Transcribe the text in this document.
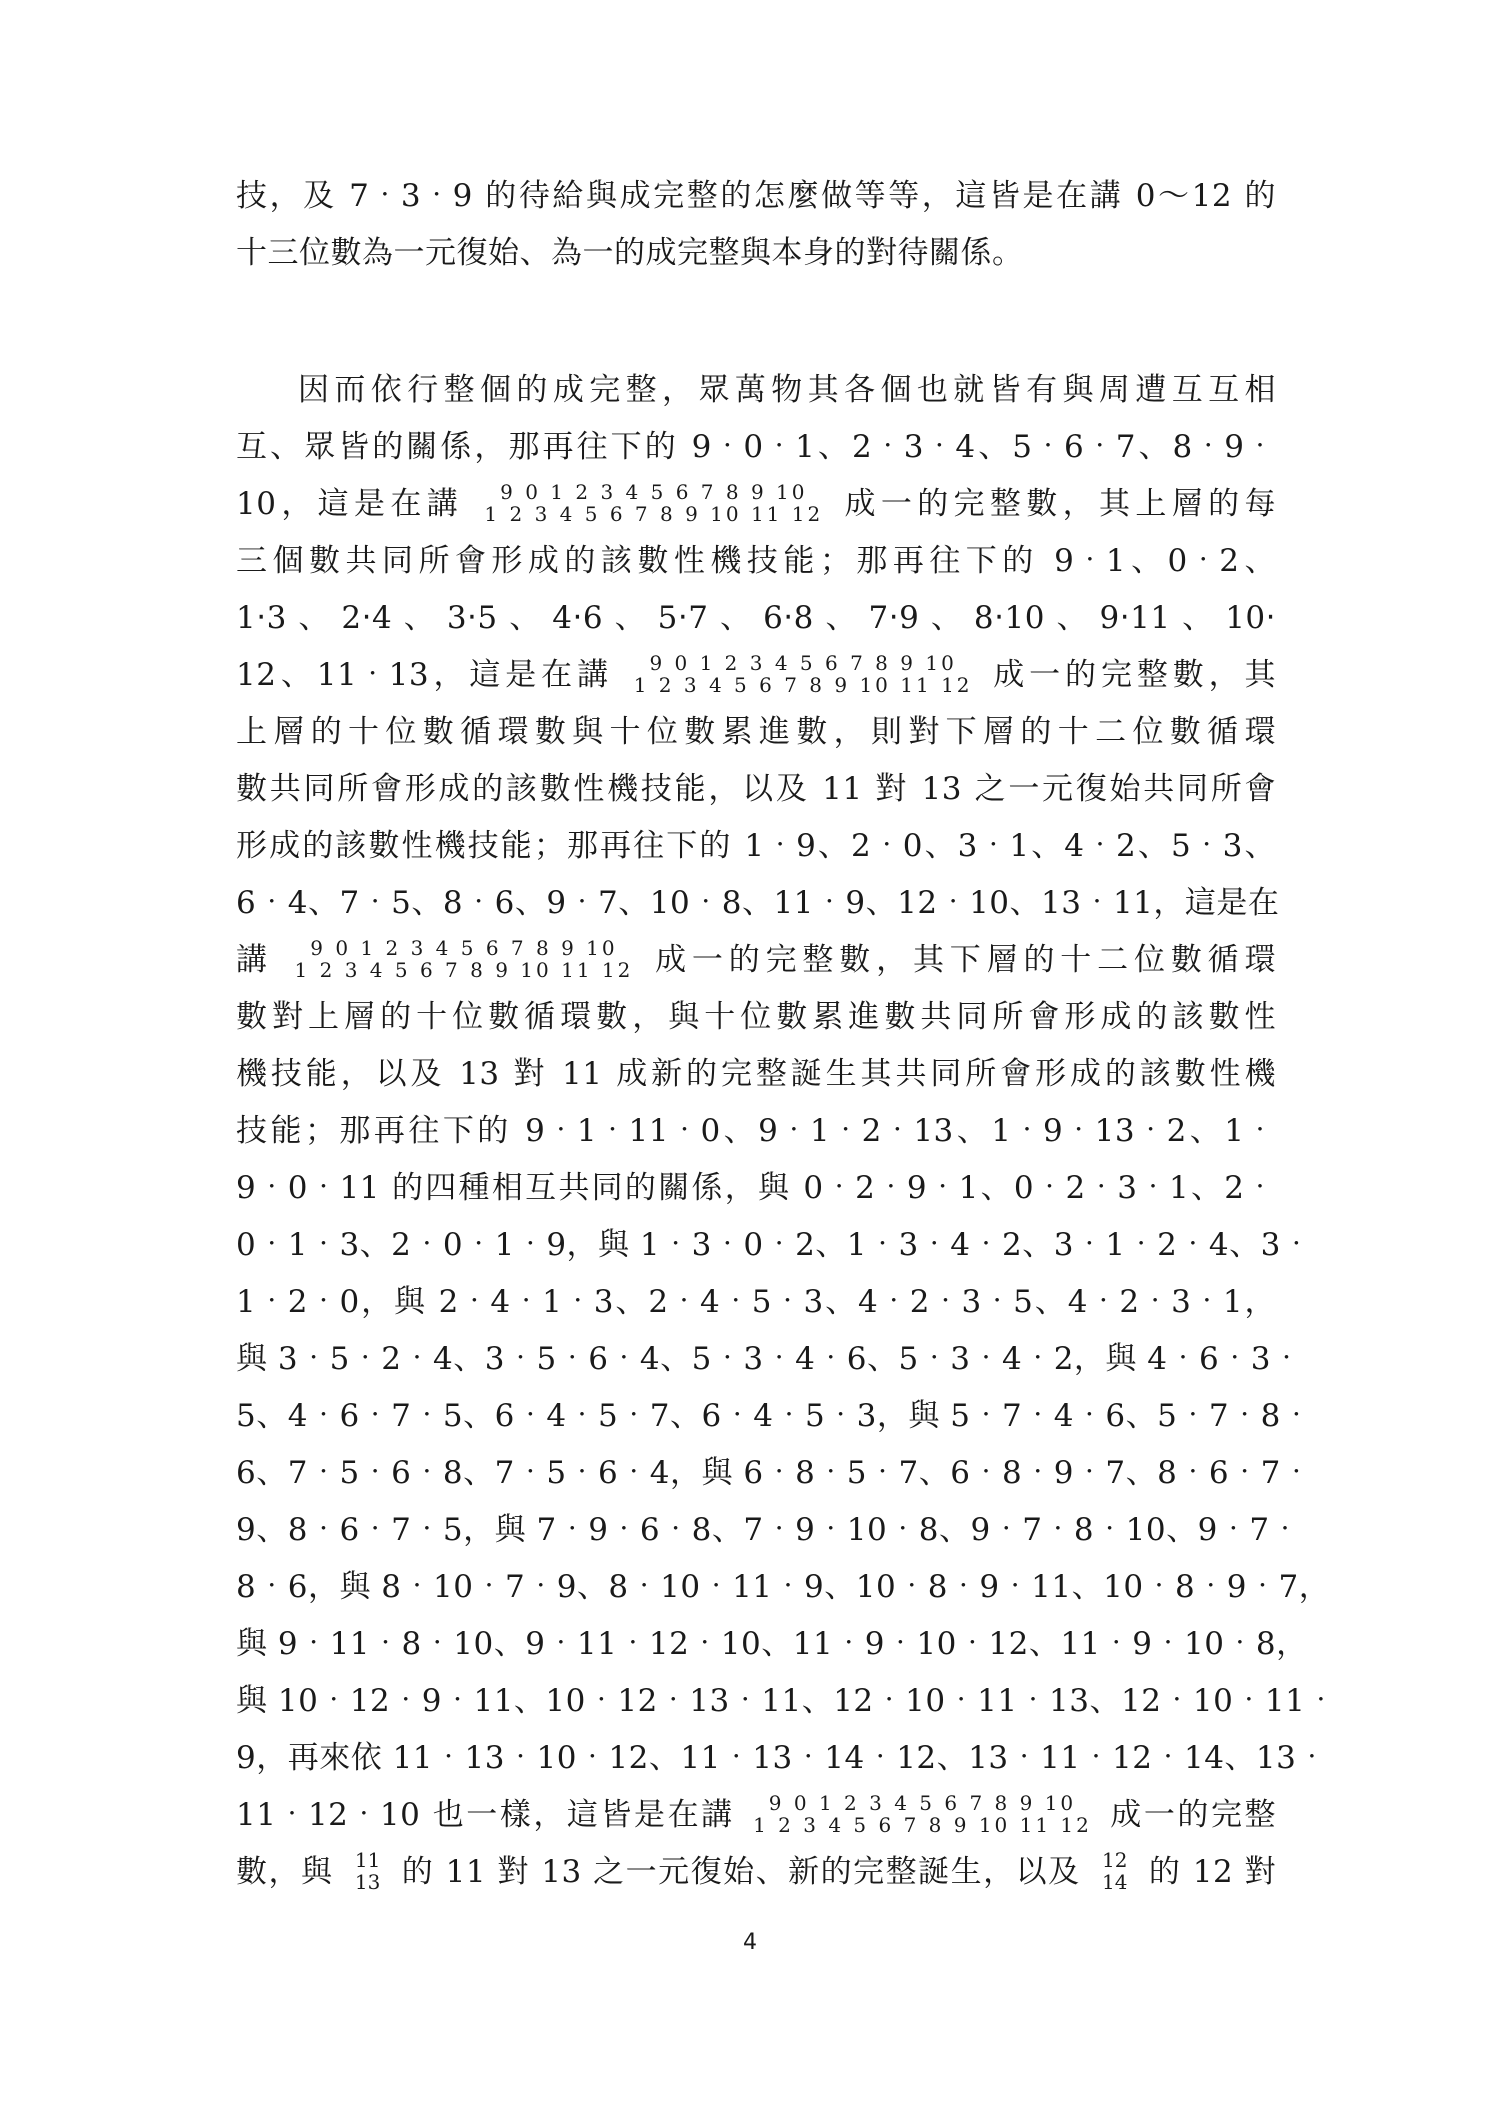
技，及 7‧3‧9 的待給與成完整的怎麼做等等，這皆是在講 0～12 的
十三位數為一元復始、為一的成完整與本身的對待關係。
因而依行整個的成完整，眾萬物其各個也就皆有與周遭互互相
互、眾皆的關係，那再往下的 9‧0‧1、2‧3‧4、5‧6‧7、8‧9‧
10，這是在講	9 0 1 2 3 4 5 6 7 8 9 10
1 2 3 4 5 6 7 8 9 10 11 12 成一的完整數，其上層的每
三個數共同所會形成的該數性機技能；那再往下的 9‧1、0‧2、
1‧3、2‧4、3‧5、4‧6、5‧7、6‧8、7‧9、8‧10、9‧11、10‧
12、11‧13，這是在講	9 0 1 2 3 4 5 6 7 8 9 10
1 2 3 4 5 6 7 8 9 10 11 12 成一的完整數，其
上層的十位數循環數與十位數累進數，則對下層的十二位數循環
數共同所會形成的該數性機技能，以及 11 對 13 之一元復始共同所會
形成的該數性機技能；那再往下的 1‧9、2‧0、3‧1、4‧2、5‧3、
6‧4、7‧5、8‧6、9‧7、10‧8、11‧9、12‧10、13‧11，這是在
講	9 0 1 2 3 4 5 6 7 8 9 10
1 2 3 4 5 6 7 8 9 10 11 12 成一的完整數，其下層的十二位數循環
數對上層的十位數循環數，與十位數累進數共同所會形成的該數性
機技能，以及 13 對 11 成新的完整誕生其共同所會形成的該數性機
技能；那再往下的 9‧1‧11‧0、9‧1‧2‧13、1‧9‧13‧2、1‧
9‧0‧11 的四種相互共同的關係，與 0‧2‧9‧1、0‧2‧3‧1、2‧
0‧1‧3、2‧0‧1‧9，與 1‧3‧0‧2、1‧3‧4‧2、3‧1‧2‧4、3‧
1‧2‧0，與 2‧4‧1‧3、2‧4‧5‧3、4‧2‧3‧5、4‧2‧3‧1，
與 3‧5‧2‧4、3‧5‧6‧4、5‧3‧4‧6、5‧3‧4‧2，與 4‧6‧3‧
5、4‧6‧7‧5、6‧4‧5‧7、6‧4‧5‧3，與 5‧7‧4‧6、5‧7‧8‧
6、7‧5‧6‧8、7‧5‧6‧4，與 6‧8‧5‧7、6‧8‧9‧7、8‧6‧7‧
9、8‧6‧7‧5，與 7‧9‧6‧8、7‧9‧10‧8、9‧7‧8‧10、9‧7‧
8‧6，與 8‧10‧7‧9、8‧10‧11‧9、10‧8‧9‧11、10‧8‧9‧7，
與 9‧11‧8‧10、9‧11‧12‧10、11‧9‧10‧12、11‧9‧10‧8，
與 10‧12‧9‧11、10‧12‧13‧11、12‧10‧11‧13、12‧10‧11‧
9，再來依 11‧13‧10‧12、11‧13‧14‧12、13‧11‧12‧14、13‧
11‧12‧10 也一樣，這皆是在講	9 0 1 2 3 4 5 6 7 8 9 10
1 2 3 4 5 6 7 8 9 10 11 12 成一的完整
數，與 11
13 的 11 對 13 之一元復始、新的完整誕生，以及 12
14 的 12 對
4
